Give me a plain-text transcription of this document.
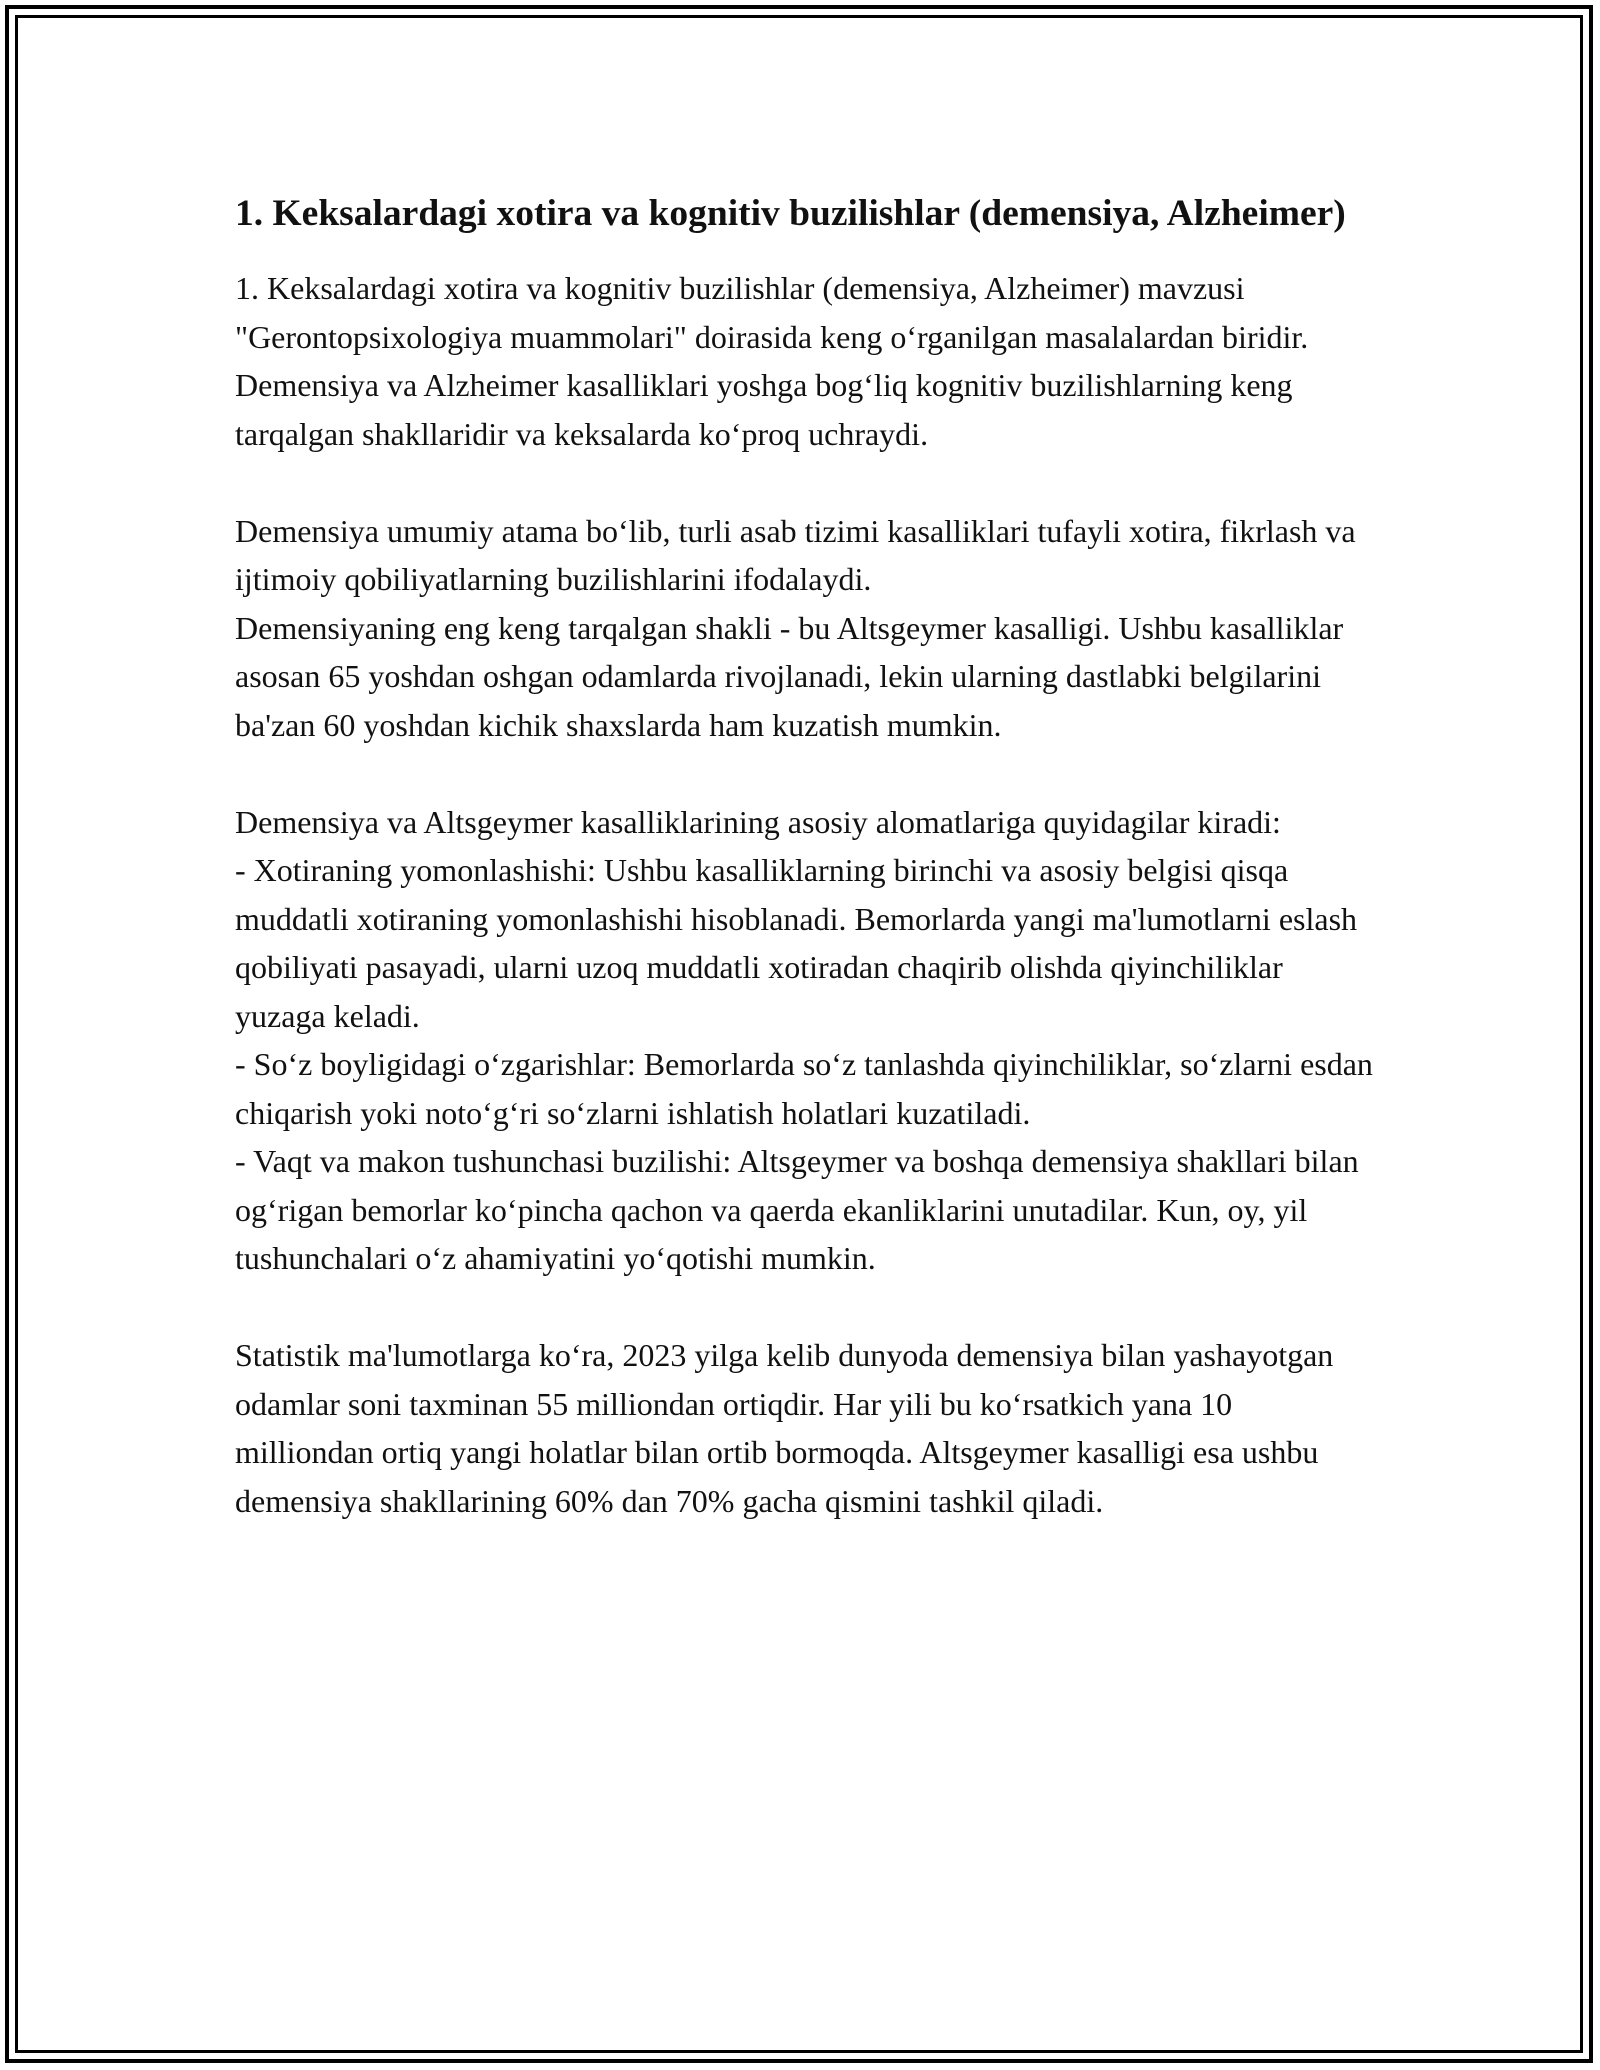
1. Keksalardagi xotira va kognitiv buzilishlar (demensiya, Alzheimer)

1. Keksalardagi xotira va kognitiv buzilishlar (demensiya, Alzheimer) mavzusi "Gerontopsixologiya muammolari" doirasida keng oʻrganilgan masalalardan biridir. Demensiya va Alzheimer kasalliklari yoshga bogʻliq kognitiv buzilishlarning keng tarqalgan shakllaridir va keksalarda koʻproq uchraydi.

Demensiya umumiy atama boʻlib, turli asab tizimi kasalliklari tufayli xotira, fikrlash va ijtimoiy qobiliyatlarning buzilishlarini ifodalaydi.
Demensiyaning eng keng tarqalgan shakli - bu Altsgeymer kasalligi. Ushbu kasalliklar asosan 65 yoshdan oshgan odamlarda rivojlanadi, lekin ularning dastlabki belgilarini ba'zan 60 yoshdan kichik shaxslarda ham kuzatish mumkin.

Demensiya va Altsgeymer kasalliklarining asosiy alomatlariga quyidagilar kiradi:
- Xotiraning yomonlashishi: Ushbu kasalliklarning birinchi va asosiy belgisi qisqa muddatli xotiraning yomonlashishi hisoblanadi. Bemorlarda yangi ma'lumotlarni eslash qobiliyati pasayadi, ularni uzoq muddatli xotiradan chaqirib olishda qiyinchiliklar yuzaga keladi.
- Soʻz boyligidagi oʻzgarishlar: Bemorlarda soʻz tanlashda qiyinchiliklar, soʻzlarni esdan chiqarish yoki notoʻgʻri soʻzlarni ishlatish holatlari kuzatiladi.
- Vaqt va makon tushunchasi buzilishi: Altsgeymer va boshqa demensiya shakllari bilan ogʻrigan bemorlar koʻpincha qachon va qaerda ekanliklarini unutadilar. Kun, oy, yil tushunchalari oʻz ahamiyatini yoʻqotishi mumkin.

Statistik ma'lumotlarga koʻra, 2023 yilga kelib dunyoda demensiya bilan yashayotgan odamlar soni taxminan 55 milliondan ortiqdir. Har yili bu koʻrsatkich yana 10 milliondan ortiq yangi holatlar bilan ortib bormoqda. Altsgeymer kasalligi esa ushbu demensiya shakllarining 60% dan 70% gacha qismini tashkil qiladi.
